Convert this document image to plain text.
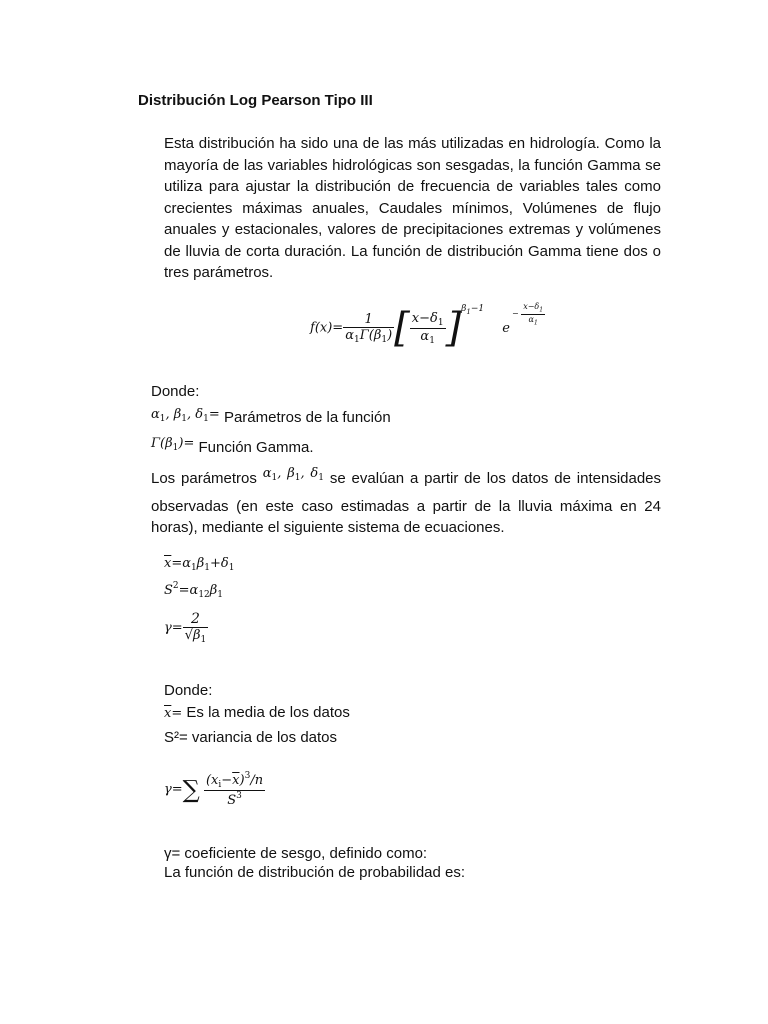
Distribución Log Pearson Tipo III
Esta distribución ha sido una de las más utilizadas en hidrología. Como la mayoría de las variables hidrológicas son sesgadas, la función Gamma se utiliza para ajustar la distribución de frecuencia de variables tales como crecientes máximas anuales, Caudales mínimos, Volúmenes de flujo anuales y estacionales, valores de precipitaciones extremas y volúmenes de lluvia de corta duración. La función de distribución Gamma tiene dos o tres parámetros.
$f(x)= \frac{1}{\alpha_1\Gamma(\beta_1)}$ [ $\frac{x-\delta_1}{\alpha_1} ]^{\beta_1-1}$ $e- \frac{x-\delta_1}{\alpha_1}$
Donde:
$\alpha_1$, $\beta_1$, $\delta_1=$ Parámetros de la función
$\Gamma(\beta_1)=$ Función Gamma.
Los parámetros $\alpha_1$, $\beta_1$, $\delta_1$ se evalúan a partir de los datos de intensidades observadas (en este caso estimadas a partir de la lluvia máxima en 24 horas), mediante el siguiente sistema de ecuaciones.
$\overline{x}=\alpha_1\beta_1+\delta_1$
$S^2=\alpha_{12}\beta_1$
$\gamma= \frac{2}{√\beta_1}$
Donde:
$\overline{x}= Es$ la media de los datos
S²= variancia de los datos
$\gamma=\sum \frac{(x_i-\overline{x})^3/n}{S^3}$
γ= coeficiente de sesgo, definido como:
La función de distribución de probabilidad es:
